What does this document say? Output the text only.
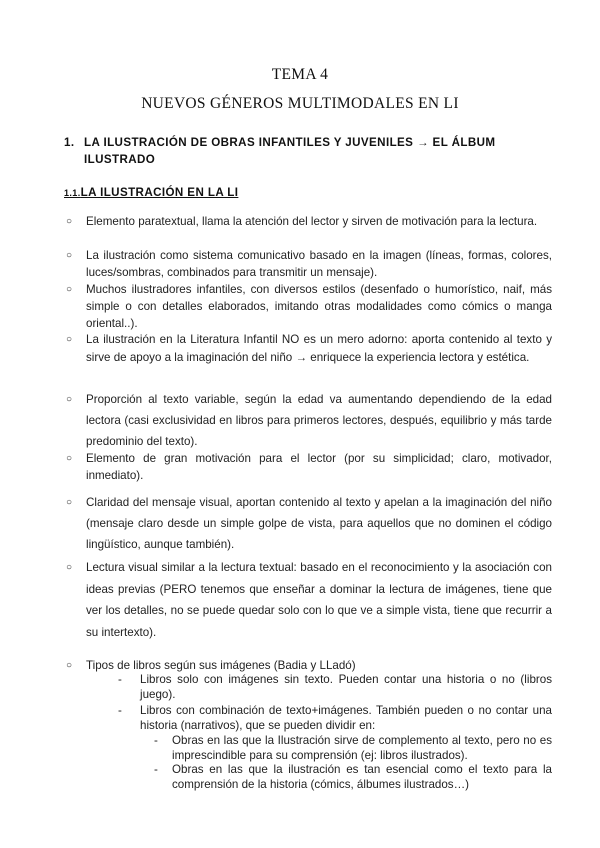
TEMA 4
NUEVOS GÉNEROS MULTIMODALES EN LI
1. LA ILUSTRACIÓN DE OBRAS INFANTILES Y JUVENILES → EL ÁLBUM ILUSTRADO
1.1.LA ILUSTRACIÓN EN LA LI
○ Elemento paratextual, llama la atención del lector y sirven de motivación para la lectura.
○ La ilustración como sistema comunicativo basado en la imagen (líneas, formas, colores, luces/sombras, combinados para transmitir un mensaje).
○ Muchos ilustradores infantiles, con diversos estilos (desenfado o humorístico, naif, más simple o con detalles elaborados, imitando otras modalidades como cómics o manga oriental..).
○ La ilustración en la Literatura Infantil NO es un mero adorno: aporta contenido al texto y sirve de apoyo a la imaginación del niño → enriquece la experiencia lectora y estética.
○ Proporción al texto variable, según la edad va aumentando dependiendo de la edad lectora (casi exclusividad en libros para primeros lectores, después, equilibrio y más tarde predominio del texto).
○ Elemento de gran motivación para el lector (por su simplicidad; claro, motivador, inmediato).
○ Claridad del mensaje visual, aportan contenido al texto y apelan a la imaginación del niño (mensaje claro desde un simple golpe de vista, para aquellos que no dominen el código lingüístico, aunque también).
○ Lectura visual similar a la lectura textual: basado en el reconocimiento y la asociación con ideas previas (PERO tenemos que enseñar a dominar la lectura de imágenes, tiene que ver los detalles, no se puede quedar solo con lo que ve a simple vista, tiene que recurrir a su intertexto).
○ Tipos de libros según sus imágenes (Badia y LLadó)
- Libros solo con imágenes sin texto. Pueden contar una historia o no (libros juego).
- Libros con combinación de texto+imágenes. También pueden o no contar una historia (narrativos), que se pueden dividir en:
- Obras en las que la Ilustración sirve de complemento al texto, pero no es imprescindible para su comprensión (ej: libros ilustrados).
- Obras en las que la ilustración es tan esencial como el texto para la comprensión de la historia (cómics, álbumes ilustrados…)
